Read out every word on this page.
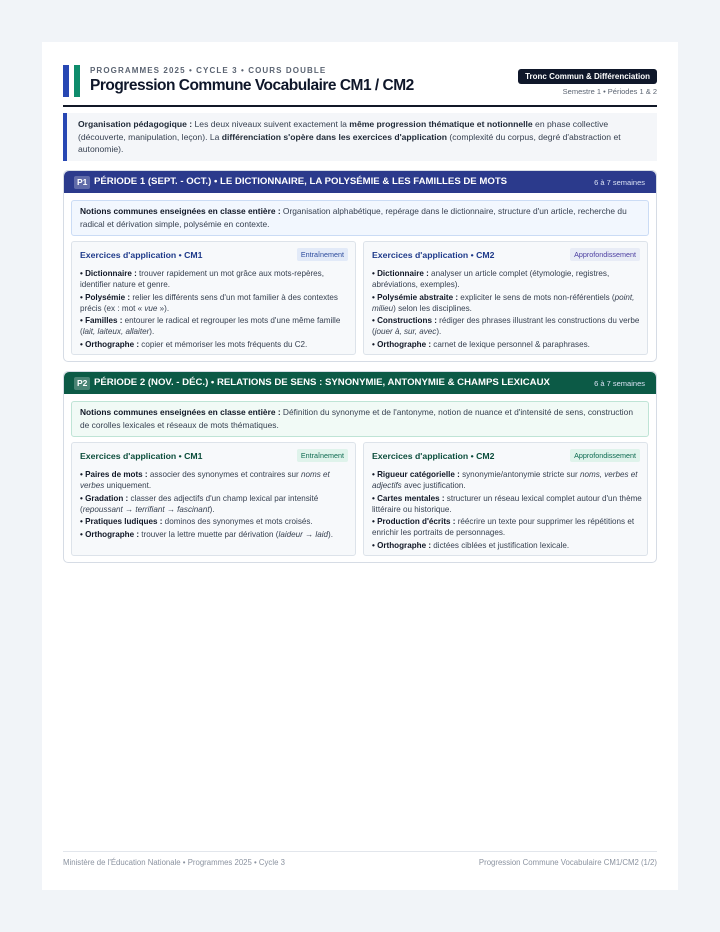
PROGRAMMES 2025 • CYCLE 3 • COURS DOUBLE
Progression Commune Vocabulaire CM1 / CM2
Tronc Commun & Différenciation
Semestre 1 • Périodes 1 & 2
Organisation pédagogique : Les deux niveaux suivent exactement la même progression thématique et notionnelle en phase collective (découverte, manipulation, leçon). La différenciation s'opère dans les exercices d'application (complexité du corpus, degré d'abstraction et autonomie).
P1 PÉRIODE 1 (SEPT. - OCT.) • LE DICTIONNAIRE, LA POLYSÉMIE & LES FAMILLES DE MOTS	6 à 7 semaines
Notions communes enseignées en classe entière : Organisation alphabétique, repérage dans le dictionnaire, structure d'un article, recherche du radical et dérivation simple, polysémie en contexte.
Exercices d'application • CM1	Entraînement
• Dictionnaire : trouver rapidement un mot grâce aux mots-repères, identifier nature et genre.
• Polysémie : relier les différents sens d'un mot familier à des contextes précis (ex : mot « vue »).
• Familles : entourer le radical et regrouper les mots d'une même famille (lait, laiteux, allaiter).
• Orthographe : copier et mémoriser les mots fréquents du C2.
Exercices d'application • CM2	Approfondissement
• Dictionnaire : analyser un article complet (étymologie, registres, abréviations, exemples).
• Polysémie abstraite : expliciter le sens de mots non-référentiels (point, milieu) selon les disciplines.
• Constructions : rédiger des phrases illustrant les constructions du verbe (jouer à, sur, avec).
• Orthographe : carnet de lexique personnel & paraphrases.
P2 PÉRIODE 2 (NOV. - DÉC.) • RELATIONS DE SENS : SYNONYMIE, ANTONYMIE & CHAMPS LEXICAUX	6 à 7 semaines
Notions communes enseignées en classe entière : Définition du synonyme et de l'antonyme, notion de nuance et d'intensité de sens, construction de corolles lexicales et réseaux de mots thématiques.
Exercices d'application • CM1	Entraînement
• Paires de mots : associer des synonymes et contraires sur noms et verbes uniquement.
• Gradation : classer des adjectifs d'un champ lexical par intensité (repoussant → terrifiant → fascinant).
• Pratiques ludiques : dominos des synonymes et mots croisés.
• Orthographe : trouver la lettre muette par dérivation (laideur → laid).
Exercices d'application • CM2	Approfondissement
• Rigueur catégorielle : synonymie/antonymie stricte sur noms, verbes et adjectifs avec justification.
• Cartes mentales : structurer un réseau lexical complet autour d'un thème littéraire ou historique.
• Production d'écrits : réécrire un texte pour supprimer les répétitions et enrichir les portraits de personnages.
• Orthographe : dictées ciblées et justification lexicale.
Ministère de l'Éducation Nationale • Programmes 2025 • Cycle 3	Progression Commune Vocabulaire CM1/CM2 (1/2)
